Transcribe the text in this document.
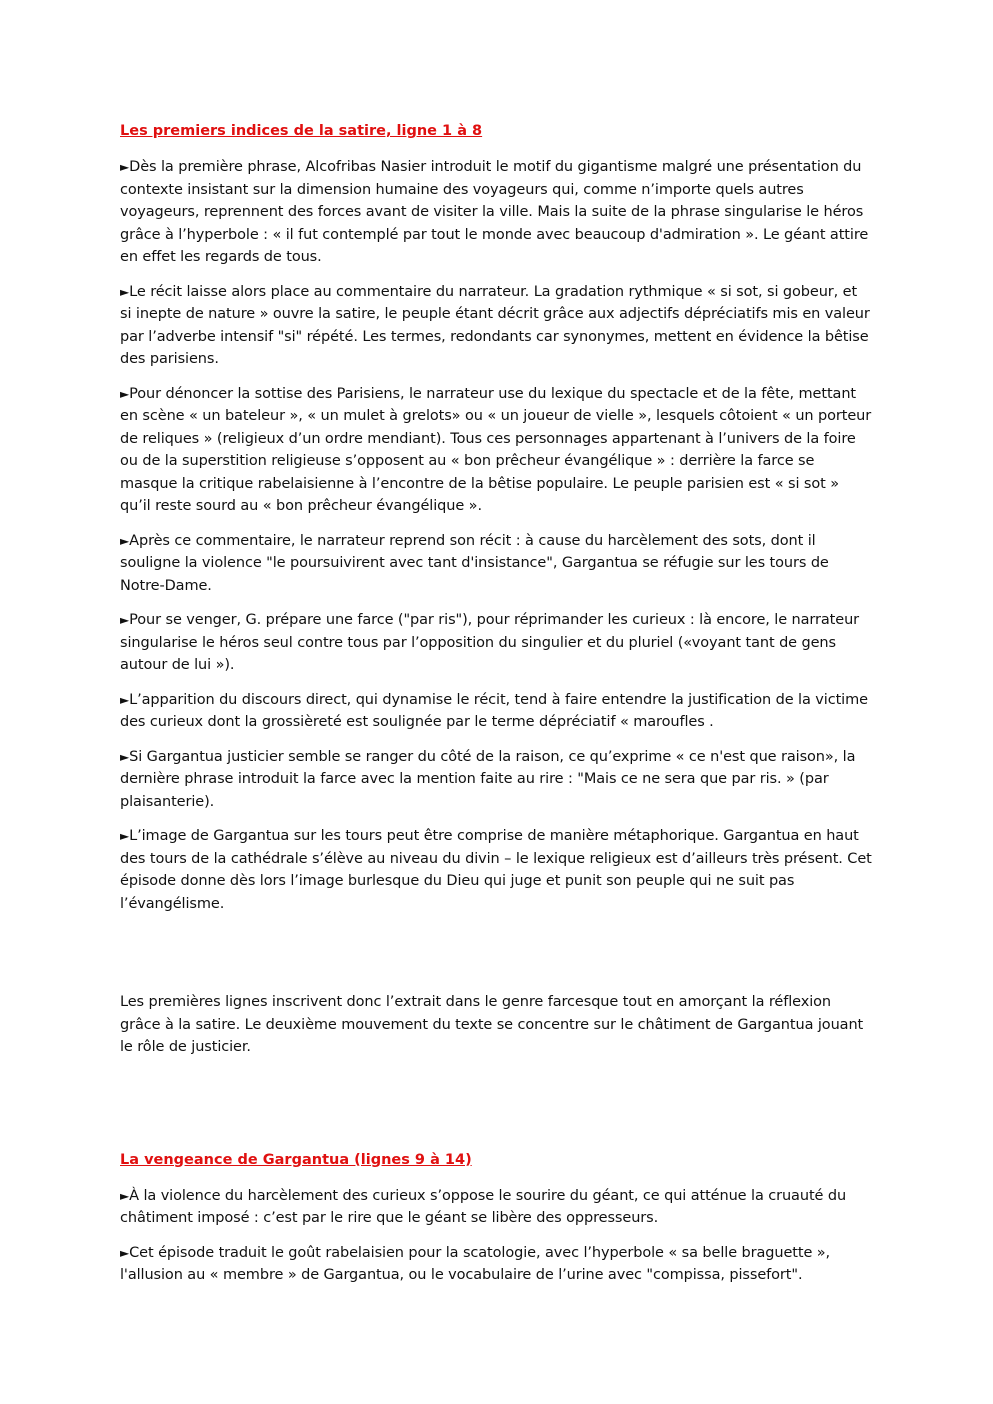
Les premiers indices de la satire, ligne 1 à 8

►Dès la première phrase, Alcofribas Nasier introduit le motif du gigantisme malgré une présentation du contexte insistant sur la dimension humaine des voyageurs qui, comme n’importe quels autres voyageurs, reprennent des forces avant de visiter la ville. Mais la suite de la phrase singularise le héros grâce à l’hyperbole : « il fut contemplé par tout le monde avec beaucoup d'admiration ». Le géant attire en effet les regards de tous.

►Le récit laisse alors place au commentaire du narrateur. La gradation rythmique « si sot, si gobeur, et si inepte de nature » ouvre la satire, le peuple étant décrit grâce aux adjectifs dépréciatifs mis en valeur par l’adverbe intensif "si" répété. Les termes, redondants car synonymes, mettent en évidence la bêtise des parisiens.

►Pour dénoncer la sottise des Parisiens, le narrateur use du lexique du spectacle et de la fête, mettant en scène « un bateleur », « un mulet à grelots» ou « un joueur de vielle », lesquels côtoient « un porteur de reliques » (religieux d’un ordre mendiant). Tous ces personnages appartenant à l’univers de la foire ou de la superstition religieuse s’opposent au « bon prêcheur évangélique » : derrière la farce se masque la critique rabelaisienne à l’encontre de la bêtise populaire. Le peuple parisien est « si sot » qu’il reste sourd au « bon prêcheur évangélique ».

►Après ce commentaire, le narrateur reprend son récit : à cause du harcèlement des sots, dont il souligne la violence "le poursuivirent avec tant d'insistance", Gargantua se réfugie sur les tours de Notre-Dame.

►Pour se venger, G. prépare une farce ("par ris"), pour réprimander les curieux : là encore, le narrateur singularise le héros seul contre tous par l’opposition du singulier et du pluriel («voyant tant de gens autour de lui »).

►L’apparition du discours direct, qui dynamise le récit, tend à faire entendre la justification de la victime des curieux dont la grossièreté est soulignée par le terme dépréciatif « maroufles .

►Si Gargantua justicier semble se ranger du côté de la raison, ce qu’exprime « ce n'est que raison», la dernière phrase introduit la farce avec la mention faite au rire : "Mais ce ne sera que par ris. » (par plaisanterie).

►L’image de Gargantua sur les tours peut être comprise de manière métaphorique. Gargantua en haut des tours de la cathédrale s’élève au niveau du divin – le lexique religieux est d’ailleurs très présent. Cet épisode donne dès lors l’image burlesque du Dieu qui juge et punit son peuple qui ne suit pas l’évangélisme.

Les premières lignes inscrivent donc l’extrait dans le genre farcesque tout en amorçant la réflexion grâce à la satire. Le deuxième mouvement du texte se concentre sur le châtiment de Gargantua jouant le rôle de justicier.

La vengeance de Gargantua (lignes 9 à 14)

►À la violence du harcèlement des curieux s’oppose le sourire du géant, ce qui atténue la cruauté du châtiment imposé : c’est par le rire que le géant se libère des oppresseurs.

►Cet épisode traduit le goût rabelaisien pour la scatologie, avec l’hyperbole « sa belle braguette », l'allusion au « membre » de Gargantua, ou le vocabulaire de l’urine avec "compissa, pissefort".
